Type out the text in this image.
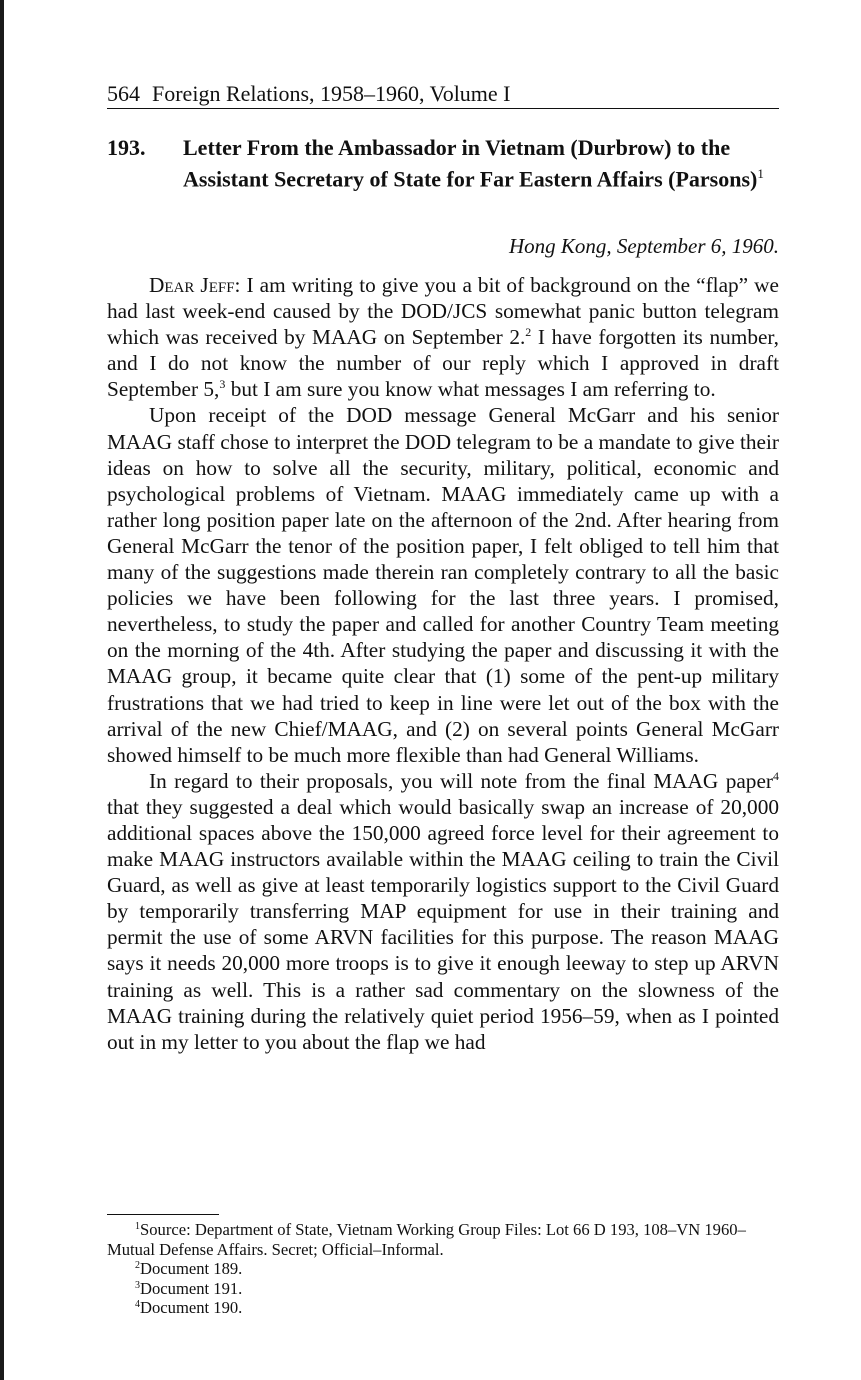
564 Foreign Relations, 1958–1960, Volume I
193. Letter From the Ambassador in Vietnam (Durbrow) to the Assistant Secretary of State for Far Eastern Affairs (Parsons)$^1$
Hong Kong, September 6, 1960.

Dear Jeff: I am writing to give you a bit of background on the “flap” we had last week-end caused by the DOD/JCS somewhat panic button telegram which was received by MAAG on September 2.$^2$ I have forgotten its number, and I do not know the number of our reply which I approved in draft September 5,$^3$ but I am sure you know what messages I am referring to.

Upon receipt of the DOD message General McGarr and his senior MAAG staff chose to interpret the DOD telegram to be a mandate to give their ideas on how to solve all the security, military, political, economic and psychological problems of Vietnam. MAAG immediately came up with a rather long position paper late on the afternoon of the 2nd. After hearing from General McGarr the tenor of the position paper, I felt obliged to tell him that many of the suggestions made therein ran completely contrary to all the basic policies we have been following for the last three years. I promised, nevertheless, to study the paper and called for another Country Team meeting on the morning of the 4th. After studying the paper and discussing it with the MAAG group, it became quite clear that (1) some of the pent-up military frustrations that we had tried to keep in line were let out of the box with the arrival of the new Chief/MAAG, and (2) on several points General McGarr showed himself to be much more flexible than had General Williams.

In regard to their proposals, you will note from the final MAAG paper$^4$ that they suggested a deal which would basically swap an increase of 20,000 additional spaces above the 150,000 agreed force level for their agreement to make MAAG instructors available within the MAAG ceiling to train the Civil Guard, as well as give at least temporarily logistics support to the Civil Guard by temporarily transferring MAP equipment for use in their training and permit the use of some ARVN facilities for this purpose. The reason MAAG says it needs 20,000 more troops is to give it enough leeway to step up ARVN training as well. This is a rather sad commentary on the slowness of the MAAG training during the relatively quiet period 1956–59, when as I pointed out in my letter to you about the flap we had

$^1$Source: Department of State, Vietnam Working Group Files: Lot 66 D 193, 108–VN 1960–Mutual Defense Affairs. Secret; Official–Informal.
$^2$Document 189.
$^3$Document 191.
$^4$Document 190.
